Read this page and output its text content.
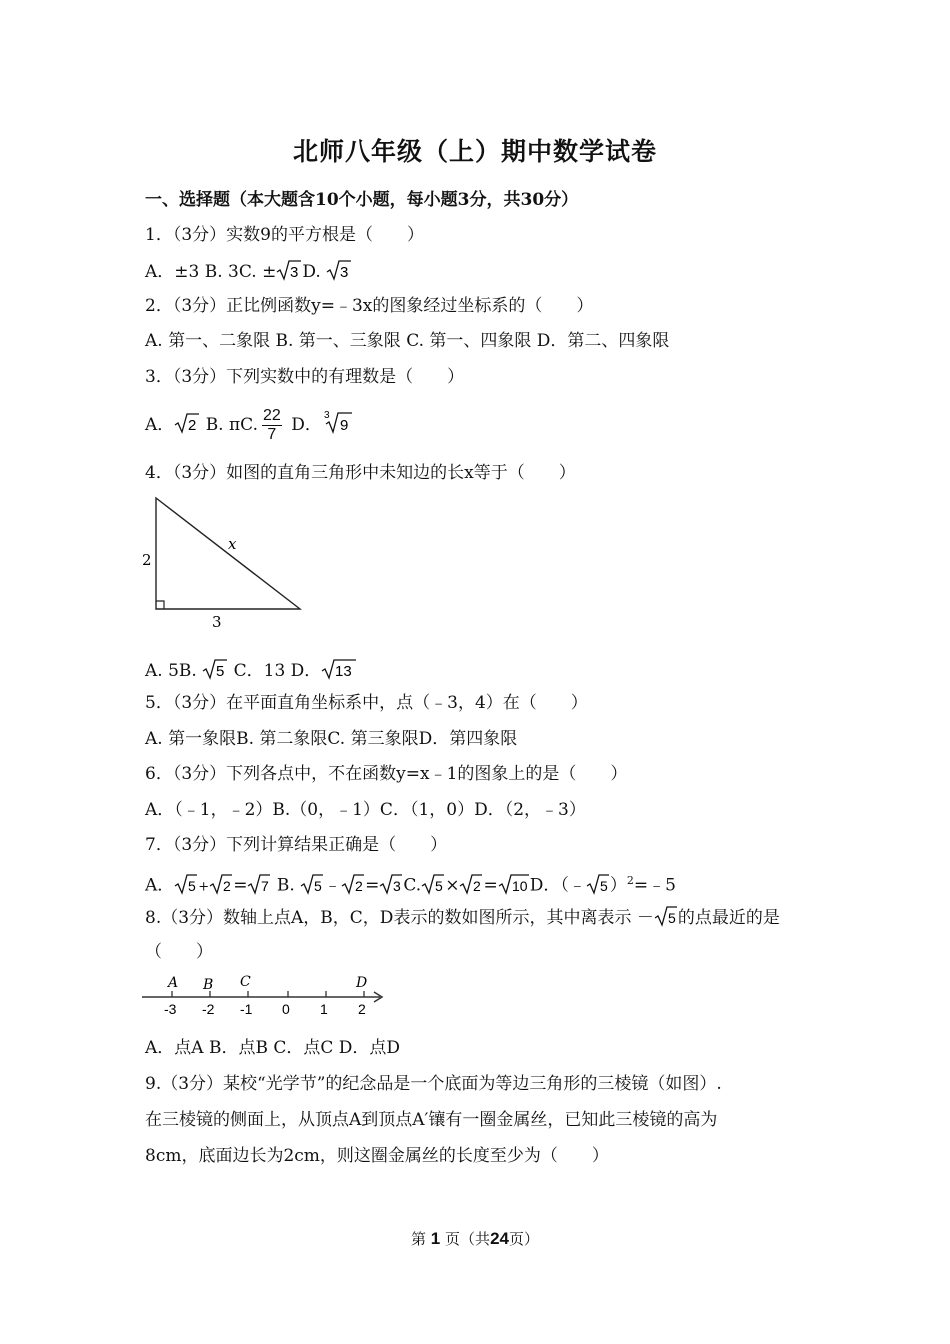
北师八年级（上）期中数学试卷
一、选择题（本大题含10个小题，每小题3分，共30分）
1．（3分）实数9的平方根是（　　）
A．±3 B. 3C. ± 3 D. 3
2．（3分）正比例函数y=﹣3x的图象经过坐标系的（　　）
A. 第一、二象限 B. 第一、三象限 C. 第一、四象限 D．第二、四象限
3．（3分）下列实数中的有理数是（　　）
A． 2 B. πC. $\frac{22}{7}$ D． 3
9
4．（3分）如图的直角三角形中未知边的长x等于（　　）
2
x
3
A. 5B. 5 C．13 D． 13
5．（3分）在平面直角坐标系中，点（﹣3，4）在（　　）
A. 第一象限B. 第二象限C. 第三象限D．第四象限
6．（3分）下列各点中，不在函数y=x﹣1的图象上的是（　　）
A．（﹣1，﹣2）B.（0，﹣1）C．（1，0）D．（2，﹣3）
7．（3分）下列计算结果正确是（　　）
A． 5 + 2 = 7 B. 5 ﹣ 2 = 3 C. 5 × 2 = 10 D．（﹣ 5 ）$^2$=﹣5
8.（3分）数轴上点A，B，C，D表示的数如图所示，其中离表示 － 5 的点最近的是
（　　）
A B C	D
-3 -2 -1 0 1 2
A．点A B．点B C．点C D．点D
9.（3分）某校“光学节”的纪念品是一个底面为等边三角形的三棱镜（如图）.
在三棱镜的侧面上，从顶点A到顶点A′镶有一圈金属丝，已知此三棱镜的高为
8cm，底面边长为2cm，则这圈金属丝的长度至少为（　　）
第 1 页（共24页）
